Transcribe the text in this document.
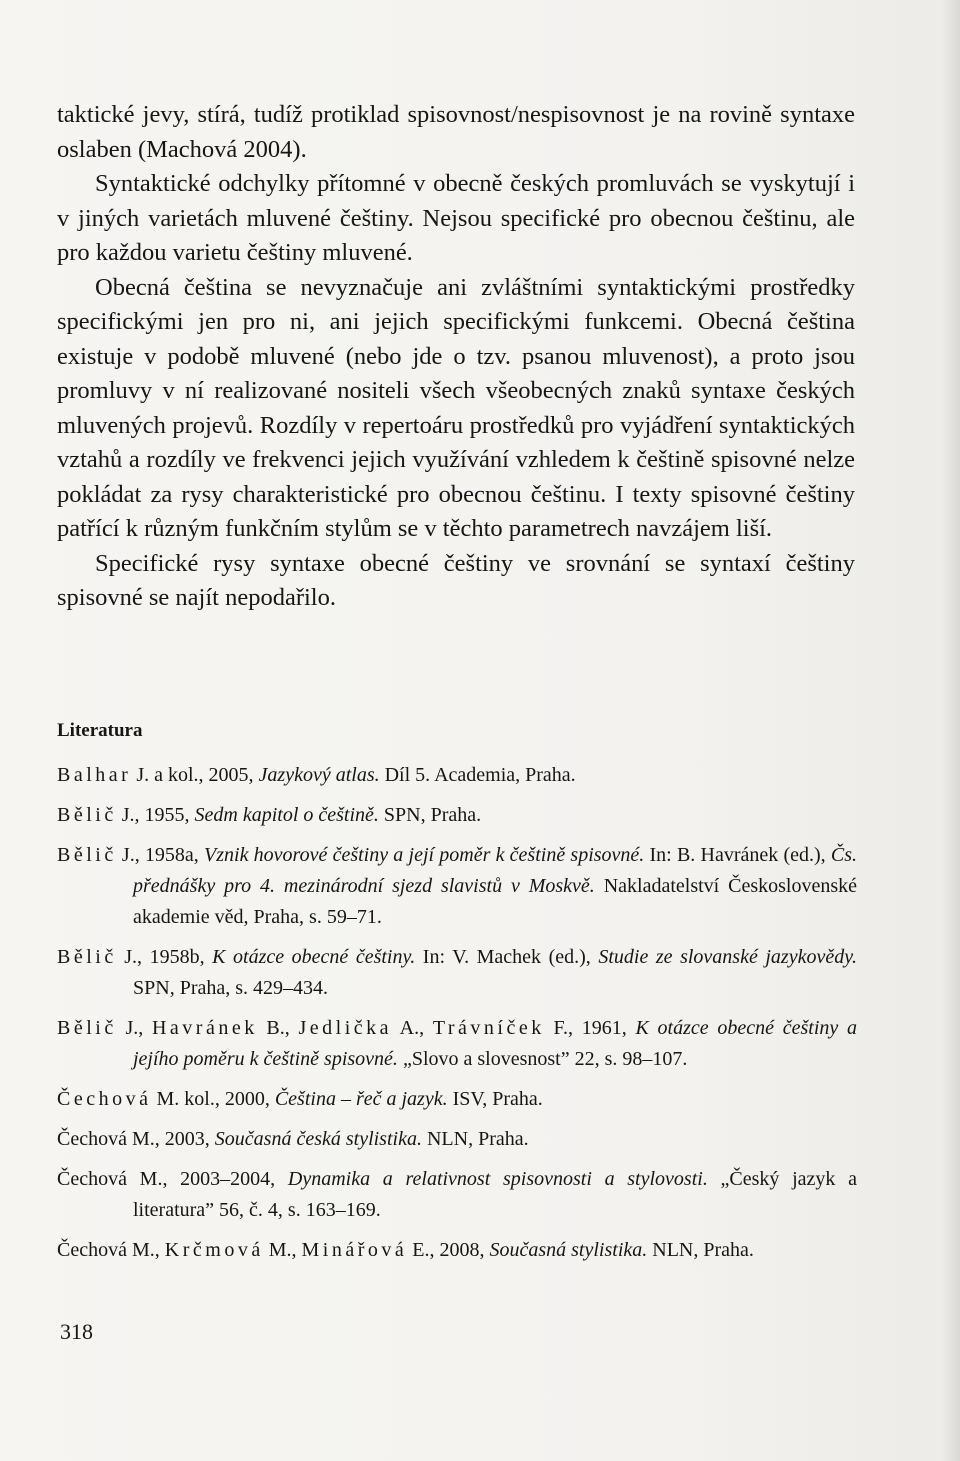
taktické jevy, stírá, tudíž protiklad spisovnost/nespisovnost je na rovině syntaxe oslaben (Machová 2004).

Syntaktické odchylky přítomné v obecně českých promluvách se vyskytují i v jiných varietách mluvené češtiny. Nejsou specifické pro obecnou češtinu, ale pro každou varietu češtiny mluvené.

Obecná čeština se nevyznačuje ani zvláštními syntaktickými prostředky specifickými jen pro ni, ani jejich specifickými funkcemi. Obecná čeština existuje v podobě mluvené (nebo jde o tzv. psanou mluvenost), a proto jsou promluvy v ní realizované nositeli všech všeobecných znaků syntaxe českých mluvených projevů. Rozdíly v repertoáru prostředků pro vyjádření syntaktických vztahů a rozdíly ve frekvenci jejich využívání vzhledem k češtině spisovné nelze pokládat za rysy charakteristické pro obecnou češtinu. I texty spisovné češtiny patřící k různým funkčním stylům se v těchto parametrech navzájem liší.

Specifické rysy syntaxe obecné češtiny ve srovnání se syntaxí češtiny spisovné se najít nepodařilo.

Literatura
Balhar J. a kol., 2005, Jazykový atlas. Díl 5. Academia, Praha.
Bělič J., 1955, Sedm kapitol o češtině. SPN, Praha.
Bělič J., 1958a, Vznik hovorové češtiny a její poměr k češtině spisovné. In: B. Havránek (ed.), Čs. přednášky pro 4. mezinárodní sjezd slavistů v Moskvě. Nakladatelství Československé akademie věd, Praha, s. 59–71.
Bělič J., 1958b, K otázce obecné češtiny. In: V. Machek (ed.), Studie ze slovanské jazykovědy. SPN, Praha, s. 429–434.
Bělič J., Havránek B., Jedlička A., Trávníček F., 1961, K otázce obecné češtiny a jejího poměru k češtině spisovné. „Slovo a slovesnost” 22, s. 98–107.
Čechová M. kol., 2000, Čeština – řeč a jazyk. ISV, Praha.
Čechová M., 2003, Současná česká stylistika. NLN, Praha.
Čechová M., 2003–2004, Dynamika a relativnost spisovnosti a stylovosti. „Český jazyk a literatura” 56, č. 4, s. 163–169.
Čechová M., Krčmová M., Minářová E., 2008, Současná stylistika. NLN, Praha.
318
